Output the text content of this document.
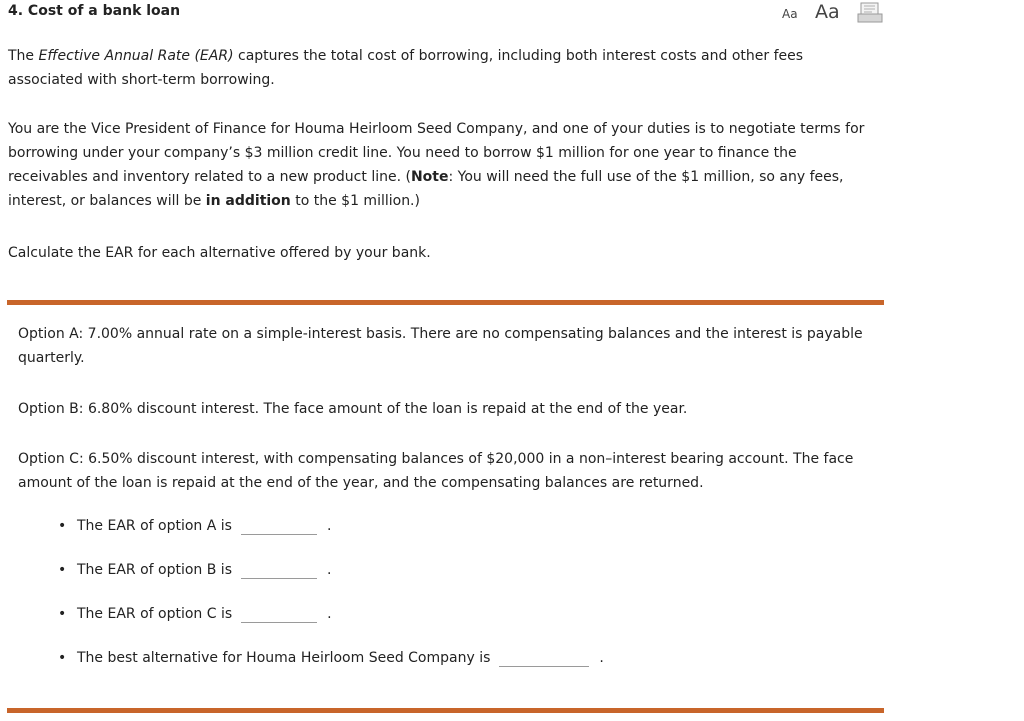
4. Cost of a bank loan	Aa Aa

The Effective Annual Rate (EAR) captures the total cost of borrowing, including both interest costs and other fees associated with short-term borrowing.

You are the Vice President of Finance for Houma Heirloom Seed Company, and one of your duties is to negotiate terms for borrowing under your company’s $3 million credit line. You need to borrow $1 million for one year to finance the receivables and inventory related to a new product line. (Note: You will need the full use of the $1 million, so any fees, interest, or balances will be in addition to the $1 million.)

Calculate the EAR for each alternative offered by your bank.

Option A: 7.00% annual rate on a simple-interest basis. There are no compensating balances and the interest is payable quarterly.

Option B: 6.80% discount interest. The face amount of the loan is repaid at the end of the year.

Option C: 6.50% discount interest, with compensating balances of $20,000 in a non–interest bearing account. The face amount of the loan is repaid at the end of the year, and the compensating balances are returned.

• The EAR of option A is	.
• The EAR of option B is	.
• The EAR of option C is	.
• The best alternative for Houma Heirloom Seed Company is	.
